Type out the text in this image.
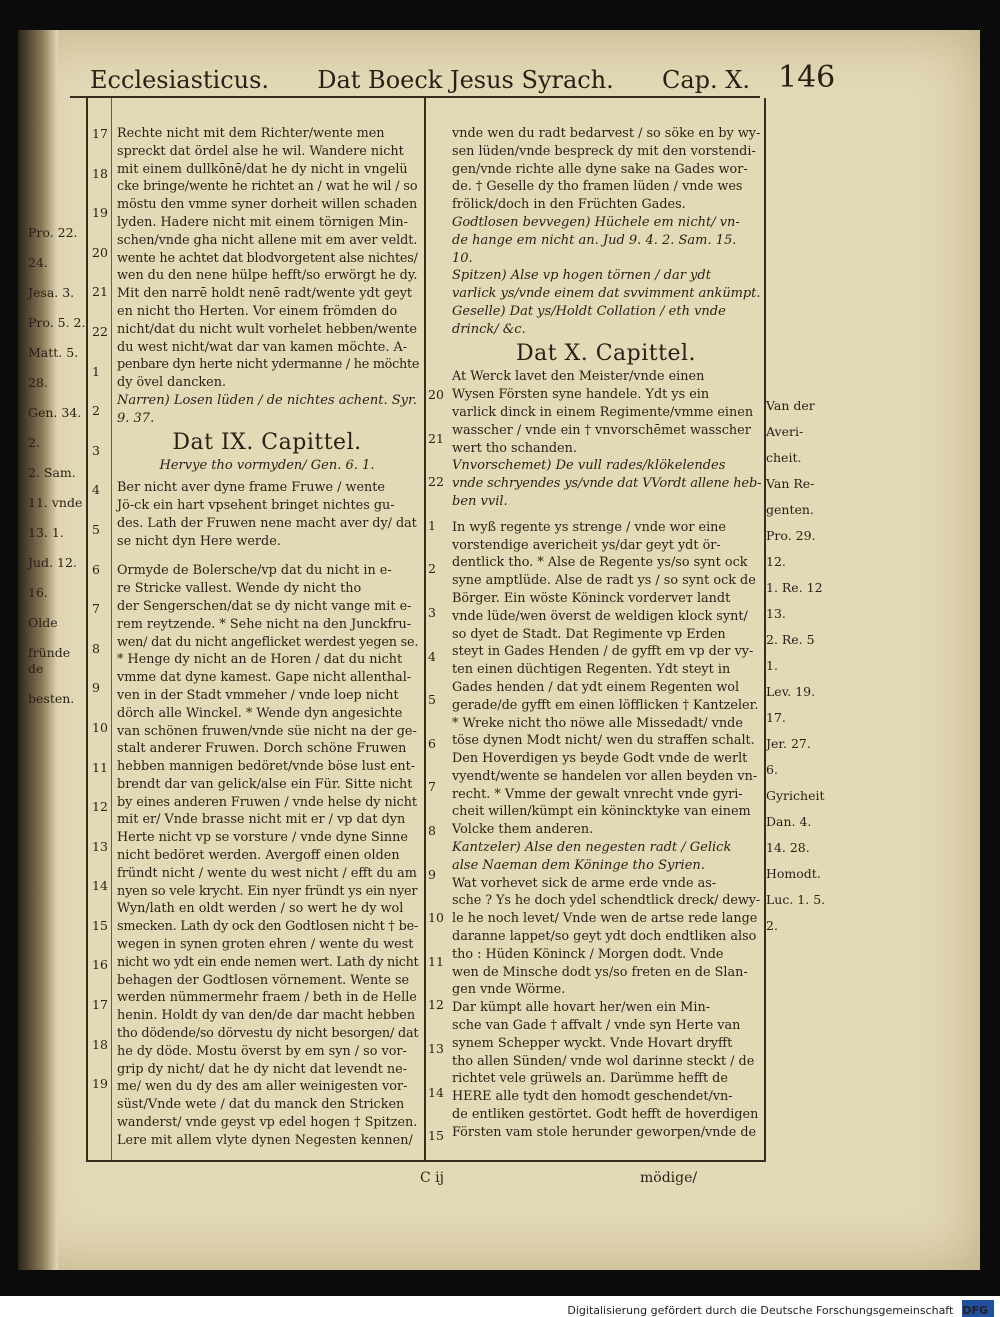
Ecclesiasticus. Dat Boeck Jesus Syrach. Cap. X. 146

Rechte nicht mit dem Richter/wente men

spreckt dat ördel alse he wil. Wandere nicht

mit einem dullkōnē/dat he dy nicht in vngelü

cke bringe/wente he richtet an / wat he wil / so

möstu den vmme syner dorheit willen schaden

lyden. Hadere nicht mit einem törnigen Min-

schen/vnde gha nicht allene mit em aver veldt.

wente he achtet dat blodvorgetent alse nichtes/

wen du den nene hülpe hefft/so erwörgt he dy.

Mit den narrē holdt nenē radt/wente ydt geyt

en nicht tho Herten. Vor einem frömden do

nicht/dat du nicht wult vorhelet hebben/wente

du west nicht/wat dar van kamen möchte. A-

penbare dyn herte nicht ydermanne / he möchte

dy övel dancken.

Narren) Losen lüden / de nichtes achent. Syr. 9. 37.

Dat IX. Capittel.

Hervye tho vormyden/ Gen. 6. 1.

Ber nicht aver dyne frame Fruwe / wente

Jö-ck ein hart vpsehent bringet nichtes gu-

des. Lath der Fruwen nene macht aver dy/ dat

se nicht dyn Here werde.

Ormyde de Bolersche/vp dat du nicht in e-

re Stricke vallest. Wende dy nicht tho

der Sengerschen/dat se dy nicht vange mit e-

rem reytzende. * Sehe nicht na den Junckfru-

wen/ dat du nicht angeflicket werdest yegen se.

* Henge dy nicht an de Horen / dat du nicht

vmme dat dyne kamest. Gape nicht allenthal-

ven in der Stadt vmmeher / vnde loep nicht

dörch alle Winckel. * Wende dyn angesichte

van schönen fruwen/vnde süe nicht na der ge-

stalt anderer Fruwen. Dorch schöne Fruwen

hebben mannigen bedöret/vnde böse lust ent-

brendt dar van gelick/alse ein Für. Sitte nicht

by eines anderen Fruwen / vnde helse dy nicht

mit er/ Vnde brasse nicht mit er / vp dat dyn

Herte nicht vp se vorsture / vnde dyne Sinne

nicht bedöret werden. Avergoff einen olden

fründt nicht / wente du west nicht / efft du am

nyen so vele krycht. Ein nyer fründt ys ein nyer

Wyn/lath en oldt werden / so wert he dy wol

smecken. Lath dy ock den Godtlosen nicht † be-

wegen in synen groten ehren / wente du west

nicht wo ydt ein ende nemen wert. Lath dy nicht

behagen der Godtlosen vörnement. Wente se

werden nümmermehr fraem / beth in de Helle

henin. Holdt dy van den/de dar macht hebben

tho dödende/so dörvestu dy nicht besorgen/ dat

he dy döde. Mostu överst by em syn / so vor-

grip dy nicht/ dat he dy nicht dat levendt ne-

me/ wen du dy des am aller weinigesten vor-

süst/Vnde wete / dat du manck den Stricken

wanderst/ vnde geyst vp edel hogen † Spitzen.

Lere mit allem vlyte dynen Negesten kennen/

vnde wen du radt bedarvest / so söke en by wy-

sen lüden/vnde bespreck dy mit den vorstendi-

gen/vnde richte alle dyne sake na Gades wor-

de. † Geselle dy tho framen lüden / vnde wes

frölick/doch in den Früchten Gades.

Godtlosen bevvegen) Hüchele em nicht/ vn-

de hange em nicht an. Jud 9. 4. 2. Sam. 15.

10.

Spitzen) Alse vp hogen törnen / dar ydt

varlick ys/vnde einem dat svvimment ankümpt.

Geselle) Dat ys/Holdt Collation / eth vnde

drinck/ &c.

Dat X. Capittel.

At Werck lavet den Meister/vnde einen

Wysen Försten syne handele. Ydt ys ein

varlick dinck in einem Regimente/vmme einen

wasscher / vnde ein † vnvorschēmet wasscher

wert tho schanden.

Vnvorschemet) De vull rades/klökelendes

vnde schryendes ys/vnde dat VVordt allene heb-

ben vvil.

In wyß regente ys strenge / vnde wor eine

vorstendige avericheit ys/dar geyt ydt ör-

dentlick tho. * Alse de Regente ys/so synt ock

syne amptlüde. Alse de radt ys / so synt ock de

Börger. Ein wöste Köninck vorderveт landt

vnde lüde/wen överst de weldigen klock synt/

so dyet de Stadt. Dat Regimente vp Erden

steyt in Gades Henden / de gyfft em vp der vy-

ten einen düchtigen Regenten. Ydt steyt in

Gades henden / dat ydt einem Regenten wol

gerade/de gyfft em einen löfflicken † Kantzeler.

* Wreke nicht tho nöwe alle Missedadt/ vnde

töse dynen Modt nicht/ wen du straffen schalt.

Den Hoverdigen ys beyde Godt vnde de werlt

vyendt/wente se handelen vor allen beyden vn-

recht. * Vmme der gewalt vnrecht vnde gyri-

cheit willen/kümpt ein könincktyke van einem

Volcke them anderen.

Kantzeler) Alse den negesten radt / Gelick

alse Naeman dem Köninge tho Syrien.

Wat vorhevet sick de arme erde vnde as-

sche ? Ys he doch ydel schendtlick dreck/ dewy-

le he noch levet/ Vnde wen de artse rede lange

daranne lappet/so geyt ydt doch endtliken also

tho : Hüden Köninck / Morgen dodt. Vnde

wen de Minsche dodt ys/so freten en de Slan-

gen vnde Wörme.

Dar kümpt alle hovart her/wen ein Min-

sche van Gade † affvalt / vnde syn Herte van

synem Schepper wyckt. Vnde Hovart dryfft

tho allen Sünden/ vnde wol darinne steckt / de

richtet vele grüwels an. Darümme hefft de

HERE alle tydt den homodt geschendet/vn-

de entliken gestörtet. Godt hefft de hoverdigen

Försten vam stole herunder geworpen/vnde de

17
18
19
20
21
22
1
2
3
4
5
6
7
8
9
10
11
12
13
14
15
16
17
18
19
20
21
22
1
2
3
4
5
6
7
8
9
10
11
12
13
14
15
Pro. 22.
24.
Jesa. 3.
Pro. 5. 2.
Matt. 5.
28.
Gen. 34.
2.
2. Sam.
11. vnde
13. 1.
Jud. 12.
16.
Olde
fründe de
besten.
Van der
Averi-
cheit.
Van Re-
genten.
Pro. 29.
12.
1. Re. 12
13.
2. Re. 5
1.
Lev. 19.
17.
Jer. 27.
6.
Gyricheit
Dan. 4.
14. 28.
Homodt.
Luc. 1. 5.
2.
C ij	mödige/
Digitalisierung gefördert durch die Deutsche Forschungsgemeinschaft DFG
